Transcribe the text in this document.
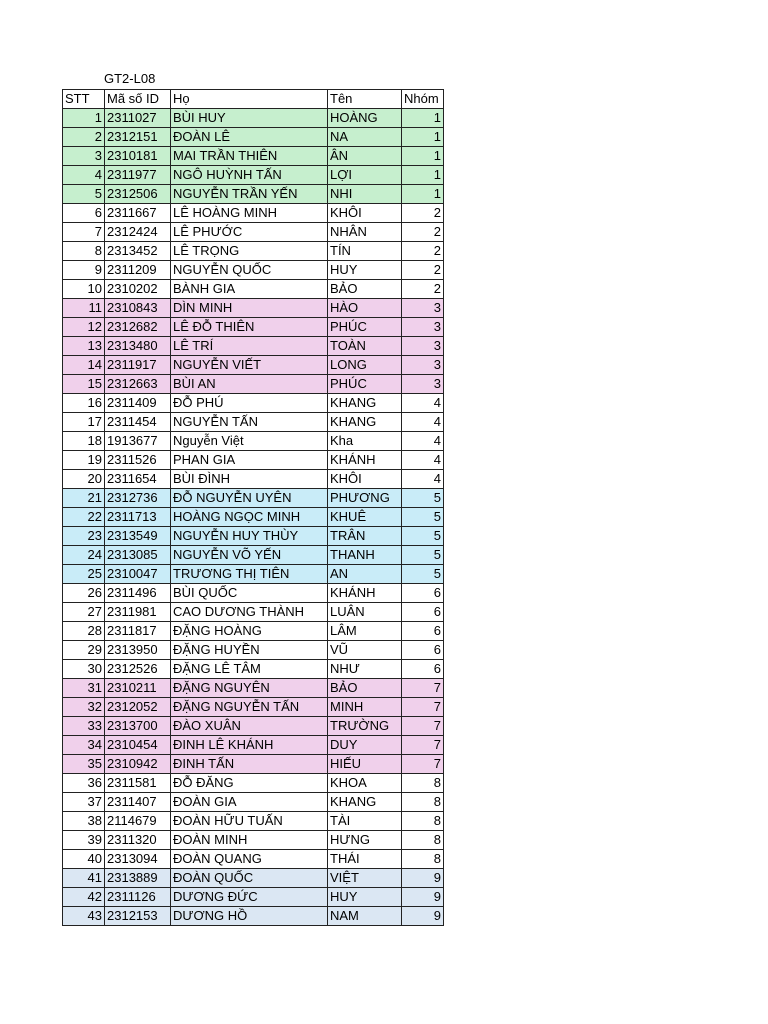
GT2-L08
STT	Mã số ID	Họ	Tên	Nhóm
1	2311027	BÙI HUY	HOÀNG	1
2	2312151	ĐOÀN LÊ	NA	1
3	2310181	MAI TRẦN THIÊN	ÂN	1
4	2311977	NGÔ HUỲNH TẤN	LỢI	1
5	2312506	NGUYỄN TRẦN YẾN	NHI	1
6	2311667	LÊ HOÀNG MINH	KHÔI	2
7	2312424	LÊ PHƯỚC	NHÂN	2
8	2313452	LÊ TRỌNG	TÍN	2
9	2311209	NGUYỄN QUỐC	HUY	2
10	2310202	BÀNH GIA	BẢO	2
11	2310843	DÌN MINH	HÀO	3
12	2312682	LÊ ĐỖ THIÊN	PHÚC	3
13	2313480	LÊ TRÍ	TOÀN	3
14	2311917	NGUYỄN VIẾT	LONG	3
15	2312663	BÙI AN	PHÚC	3
16	2311409	ĐỖ PHÚ	KHANG	4
17	2311454	NGUYỄN TẤN	KHANG	4
18	1913677	Nguyễn Việt	Kha	4
19	2311526	PHAN GIA	KHÁNH	4
20	2311654	BÙI ĐÌNH	KHÔI	4
21	2312736	ĐỖ NGUYỄN UYÊN	PHƯƠNG	5
22	2311713	HOÀNG NGỌC MINH	KHUÊ	5
23	2313549	NGUYỄN HUY THÙY	TRÂN	5
24	2313085	NGUYỄN VÕ YẾN	THANH	5
25	2310047	TRƯƠNG THỊ TIÊN	AN	5
26	2311496	BÙI QUỐC	KHÁNH	6
27	2311981	CAO DƯƠNG THÀNH	LUÂN	6
28	2311817	ĐẶNG HOÀNG	LÂM	6
29	2313950	ĐẶNG HUYỀN	VŨ	6
30	2312526	ĐẶNG LÊ TÂM	NHƯ	6
31	2310211	ĐẶNG NGUYÊN	BẢO	7
32	2312052	ĐẶNG NGUYỄN TẤN	MINH	7
33	2313700	ĐÀO XUÂN	TRƯỜNG	7
34	2310454	ĐINH LÊ KHÁNH	DUY	7
35	2310942	ĐINH TẤN	HIẾU	7
36	2311581	ĐỖ ĐĂNG	KHOA	8
37	2311407	ĐOÀN GIA	KHANG	8
38	2114679	ĐOÀN HỮU TUẤN	TÀI	8
39	2311320	ĐOÀN MINH	HƯNG	8
40	2313094	ĐOÀN QUANG	THÁI	8
41	2313889	ĐOÀN QUỐC	VIỆT	9
42	2311126	DƯƠNG ĐỨC	HUY	9
43	2312153	DƯƠNG HỒ	NAM	9
